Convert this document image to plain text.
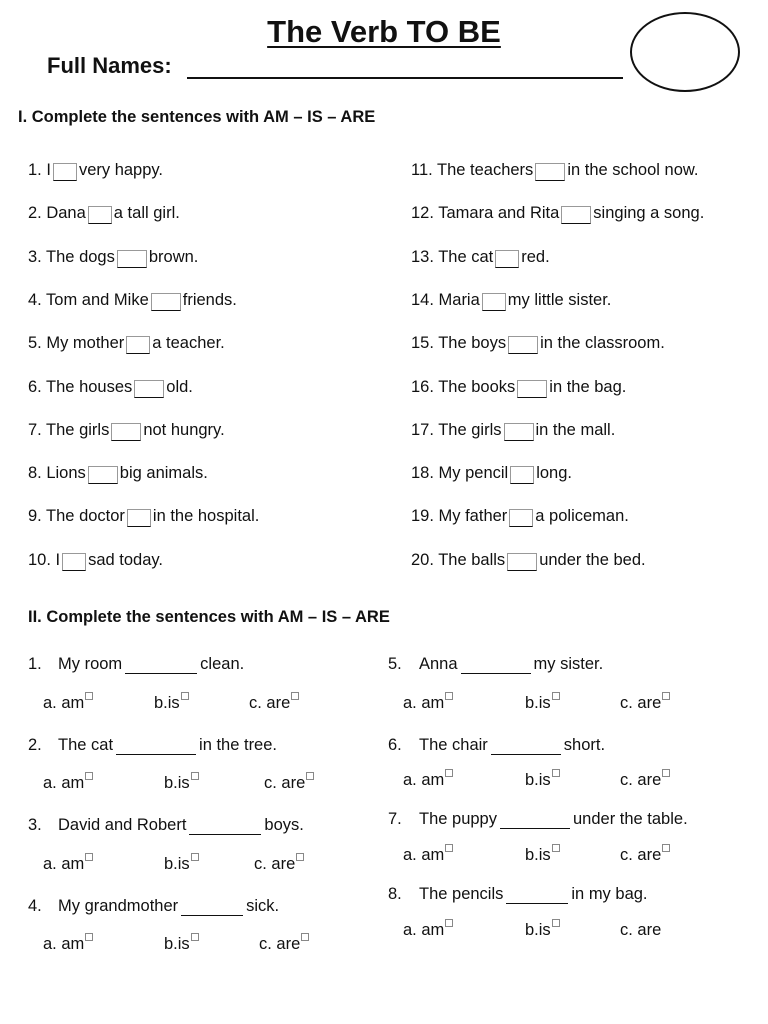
The Verb TO BE
Full Names:
I. Complete the sentences with AM – IS – ARE
II. Complete the sentences with AM – IS – ARE
1. I very happy.
2. Dana a tall girl.
3. The dogs brown.
4. Tom and Mike friends.
5. My mother a teacher.
6. The houses old.
7. The girls not hungry.
8. Lions big animals.
9. The doctor in the hospital.
10. I sad today.
11. The teachers in the school now.
12. Tamara and Rita singing a song.
13. The cat red.
14. Maria my little sister.
15. The boys in the classroom.
16. The books in the bag.
17. The girls in the mall.
18. My pencil long.
19. My father a policeman.
20. The balls under the bed.
1. My room	clean.
a. am	b.is	c. are
2. The cat	in the tree.
a. am	b.is	c. are
3. David and Robert	boys.
a. am	b.is	c. are
4. My grandmother	sick.
a. am	b.is	c. are
5. Anna	my sister.
a. am	b.is	c. are
6. The chair	short.
a. am	b.is	c. are
7. The puppy	under the table.
a. am	b.is	c. are
8. The pencils	in my bag.
a. am	b.is	c. are
